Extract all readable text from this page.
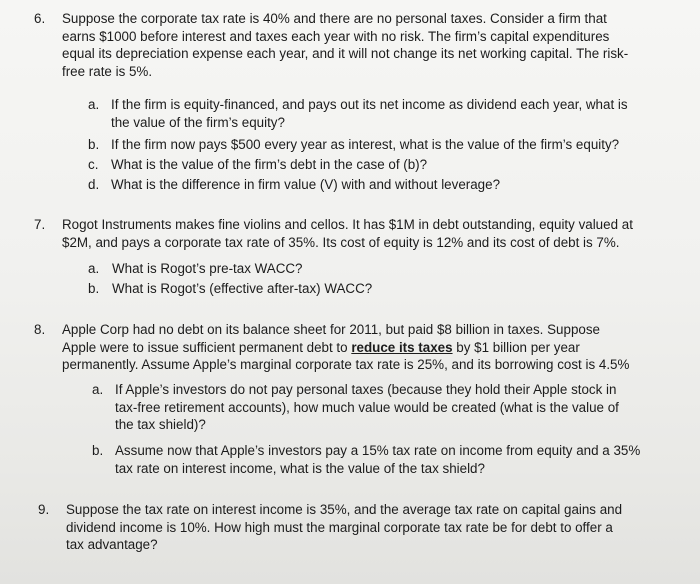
6. Suppose the corporate tax rate is 40% and there are no personal taxes. Consider a firm that
earns $1000 before interest and taxes each year with no risk. The firm’s capital expenditures
equal its depreciation expense each year, and it will not change its net working capital. The risk-
free rate is 5%.
a. If the firm is equity-financed, and pays out its net income as dividend each year, what is
the value of the firm’s equity?
b. If the firm now pays $500 every year as interest, what is the value of the firm’s equity?
c. What is the value of the firm’s debt in the case of (b)?
d. What is the difference in firm value (V) with and without leverage?
7. Rogot Instruments makes fine violins and cellos. It has $1M in debt outstanding, equity valued at
$2M, and pays a corporate tax rate of 35%. Its cost of equity is 12% and its cost of debt is 7%.
a. What is Rogot’s pre-tax WACC?
b. What is Rogot’s (effective after-tax) WACC?
8. Apple Corp had no debt on its balance sheet for 2011, but paid $8 billion in taxes. Suppose
Apple were to issue sufficient permanent debt to reduce its taxes by $1 billion per year
permanently. Assume Apple’s marginal corporate tax rate is 25%, and its borrowing cost is 4.5%
a. If Apple’s investors do not pay personal taxes (because they hold their Apple stock in
tax-free retirement accounts), how much value would be created (what is the value of
the tax shield)?
b. Assume now that Apple’s investors pay a 15% tax rate on income from equity and a 35%
tax rate on interest income, what is the value of the tax shield?
9. Suppose the tax rate on interest income is 35%, and the average tax rate on capital gains and
dividend income is 10%. How high must the marginal corporate tax rate be for debt to offer a
tax advantage?
